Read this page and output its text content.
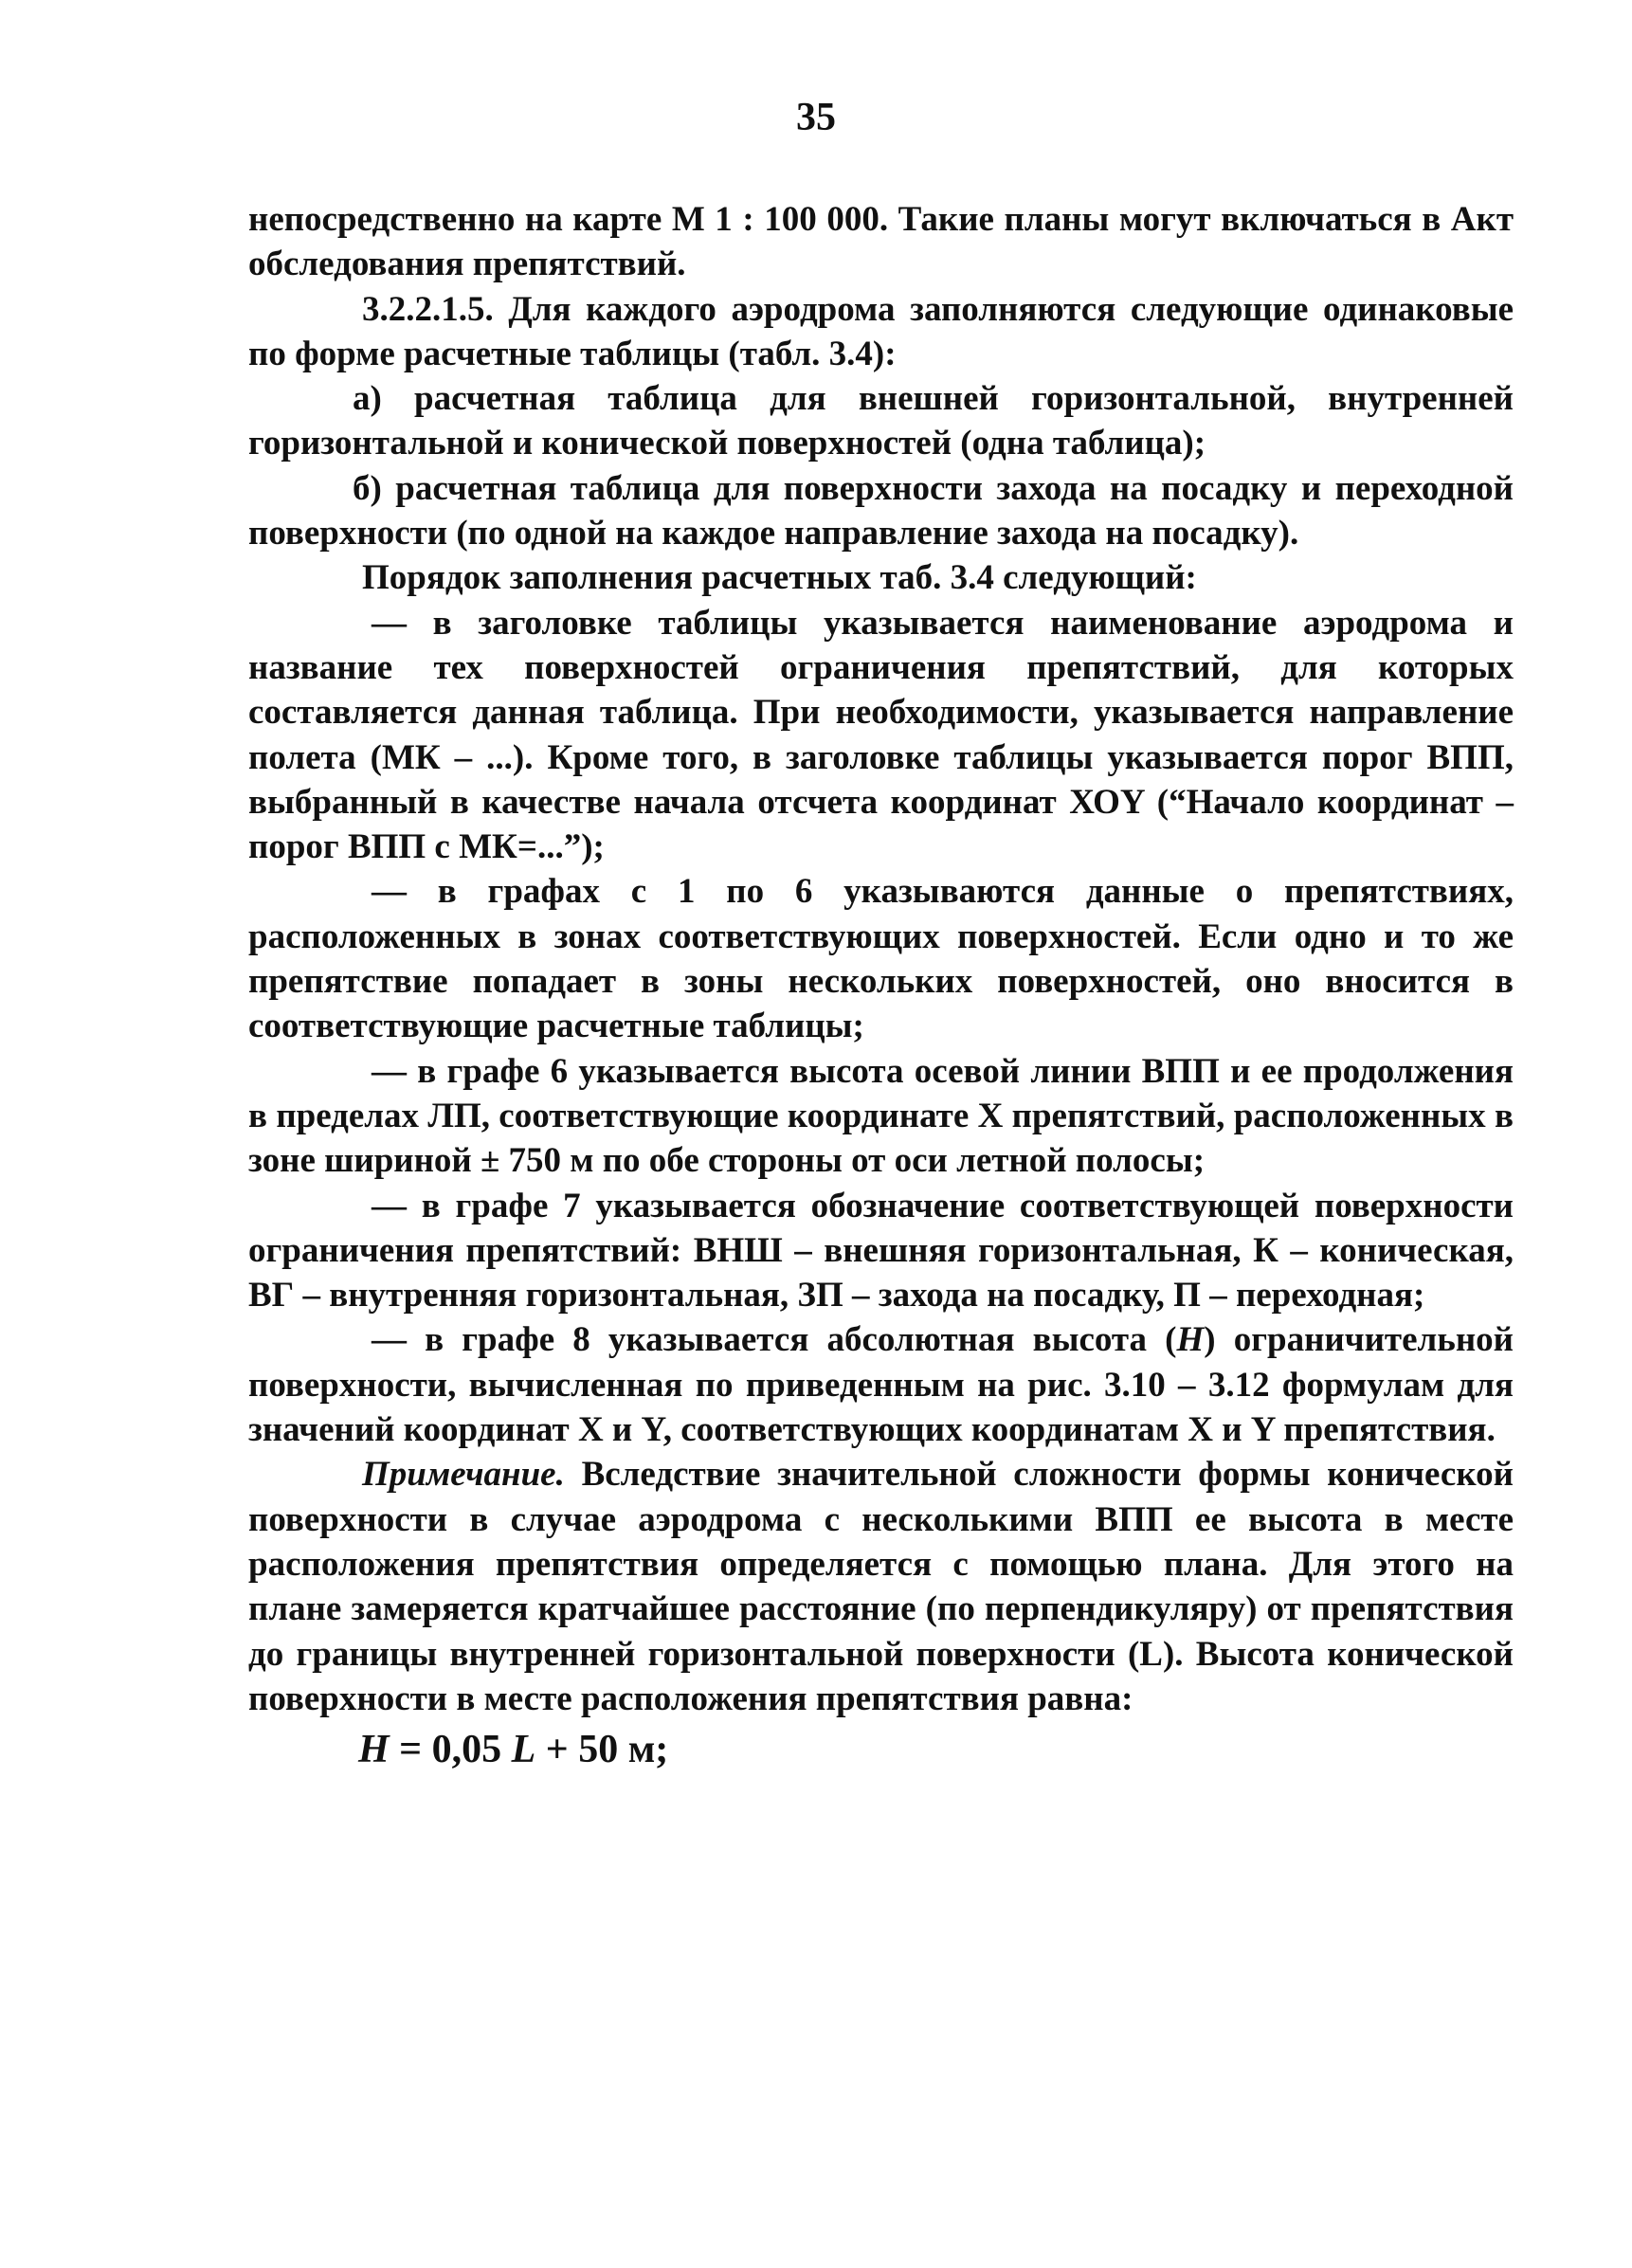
35

непосредственно на карте М 1 : 100 000. Такие планы могут включаться в Акт обследования препятствий.

3.2.2.1.5. Для каждого аэродрома заполняются следующие одинаковые по форме расчетные таблицы (табл. 3.4):

а) расчетная таблица для внешней горизонтальной, внутренней горизонтальной и конической поверхностей (одна таблица);

б) расчетная таблица для поверхности захода на посадку и переходной поверхности (по одной на каждое направление захода на посадку).

Порядок заполнения расчетных таб. 3.4 следующий:

— в заголовке таблицы указывается наименование аэродрома и название тех поверхностей ограничения препятствий, для которых составляется данная таблица. При необходимости, указывается направление полета (МК – ...). Кроме того, в заголовке таблицы указывается порог ВПП, выбранный в качестве начала отсчета координат ХОY (“Начало координат – порог ВПП с МК=...”);

— в графах с 1 по 6 указываются данные о препятствиях, расположенных в зонах соответствующих поверхностей. Если одно и то же препятствие попадает в зоны нескольких поверхностей, оно вносится в соответствующие расчетные таблицы;

— в графе 6 указывается высота осевой линии ВПП и ее продолжения в пределах ЛП, соответствующие координате Х препятствий, расположенных в зоне шириной ± 750 м по обе стороны от оси летной полосы;

— в графе 7 указывается обозначение соответствующей поверхности ограничения препятствий: ВНШ – внешняя горизонтальная, К – коническая, ВГ – внутренняя горизонтальная, ЗП – захода на посадку, П – переходная;

— в графе 8 указывается абсолютная высота (Н) ограничительной поверхности, вычисленная по приведенным на рис. 3.10 – 3.12 формулам для значений координат Х и Y, соответствующих координатам Х и Y препятствия.

Примечание. Вследствие значительной сложности формы конической поверхности в случае аэродрома с несколькими ВПП ее высота в месте расположения препятствия определяется с помощью плана. Для этого на плане замеряется кратчайшее расстояние (по перпендикуляру) от препятствия до границы внутренней горизонтальной поверхности (L). Высота конической поверхности в месте расположения препятствия равна:

Н = 0,05 L + 50 м;
